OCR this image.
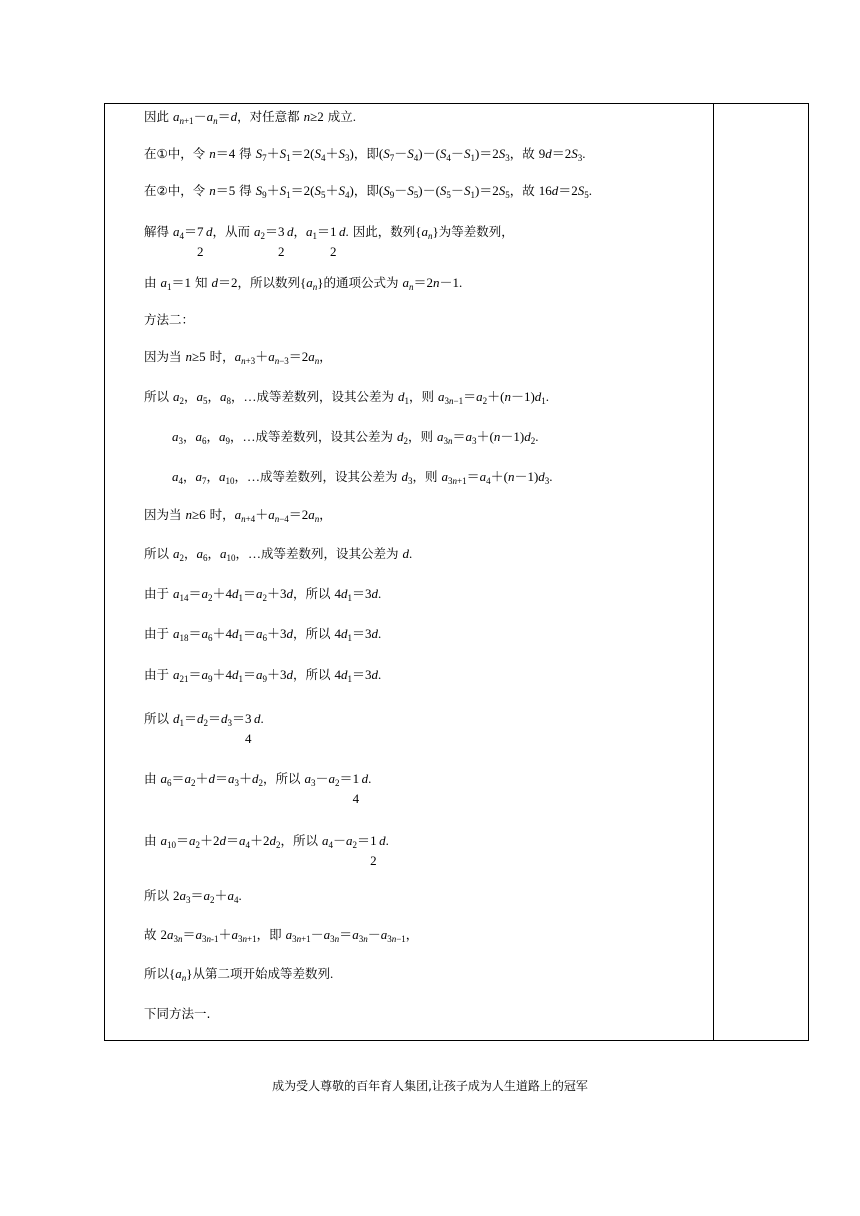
因此 $a_{n+1}-a_n=d$，对任意都 n≥2 成立.
在①中，令 n＝4 得 $S_7+S_1=2(S_4+S_3)$，即$(S_7-S_4)-(S_4-S_1)=2S_3$，故 $9d=2S_3$.
在②中，令 n＝5 得 $S_9+S_1=2(S_5+S_4)$，即$(S_9-S_5)-(S_5-S_1)=2S_5$，故 $16d=2S_5$.
解得 $a_4= 7$
2
d，从而 $a_2= 3$
2
d，$a_1= 1$
2
d. 因此，数列$\{a_n\}$为等差数列，
由 $a_1=1$ 知 d＝2，所以数列$\{a_n\}$的通项公式为 $a_n=2n-1$.
方法二：
因为当 n≥5 时，$a_{n+3}+a_{n-3}=2a_n$，
所以 $a_2$，$a_5$，$a_8$，…成等差数列，设其公差为 $d_1$，则 $a_{3n-1}=a_2+(n-1)d_1$.
$a_3$，$a_6$，$a_9$，…成等差数列，设其公差为 $d_2$，则 $a_{3n}=a_3+(n-1)d_2$.
$a_4$，$a_7$，$a_{10}$，…成等差数列，设其公差为 $d_3$，则 $a_{3n+1}=a_4+(n-1)d_3$.
因为当 n≥6 时，$a_{n+4}+a_{n-4}=2a_n$，
所以 $a_2$，$a_6$，$a_{10}$，…成等差数列，设其公差为 d.
由于 $a_{14}=a_2+4d_1=a_2+3d$，所以 $4d_1=3d$.
由于 $a_{18}=a_6+4d_1=a_6+3d$，所以 $4d_1=3d$.
由于 $a_{21}=a_9+4d_1=a_9+3d$，所以 $4d_1=3d$.
所以 $d_1=d_2=d_3= 3$
4
d.
由 $a_6=a_2+d=a_3+d_2$，所以 $a_3-a_2= 1$
4
d.
由 $a_{10}=a_2+2d=a_4+2d_2$，所以 $a_4-a_2= 1$
2
d.
所以 $2a_3=a_2+a_4$.
故 $2a_{3n}=a_{3n-1}+a_{3n+1}$，即 $a_{3n+1}-a_{3n}=a_{3n}-a_{3n-1}$，
所以$\{a_n\}$从第二项开始成等差数列.
下同方法一.
成为受人尊敬的百年育人集团,让孩子成为人生道路上的冠军
